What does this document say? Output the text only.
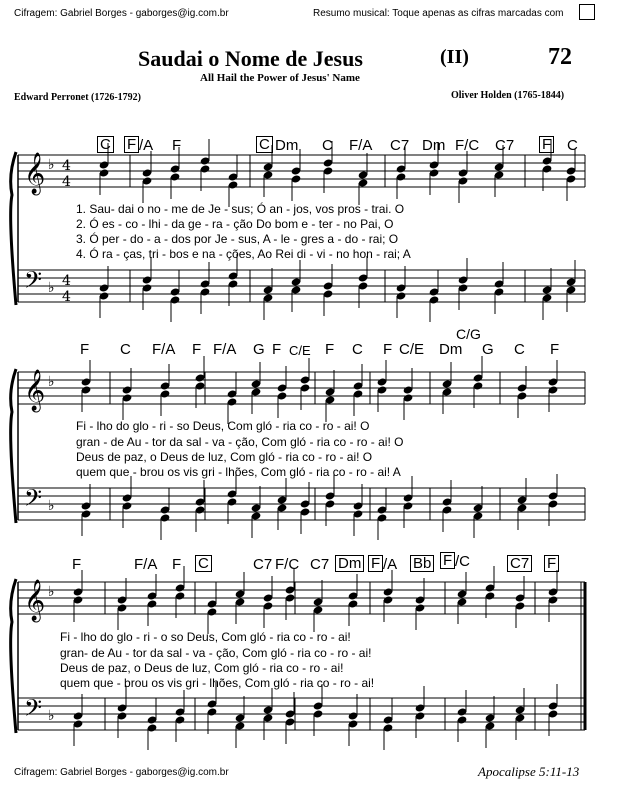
Cifragem: Gabriel Borges - gaborges@ig.com.br	Resumo musical: Toque apenas as cifras marcadas com
Saudai o Nome de Jesus	(II)	72
All Hail the Power of Jesus' Name
Edward Perronet (1726-1792)	Oliver Holden (1765-1844)
𝄞
𝄢
♭
♭
4
4
4
4
𝄞
𝄢
♭
♭
𝄞
𝄢
♭
♭
C F /A F	C Dm C F/A C7 Dm F/C C7 F C
1. Sau- dai o no - me de Je - sus; Ó an - jos, vos pros - trai. O
2. Ó es - co - lhi - da ge - ra - ção Do bom e - ter - no Pai, O
3. Ó per - do - a - dos por Je - sus, A - le - gres a - do - rai; O
4. Ó ra - ças, tri - bos e na - ções, Ao Rei di - vi - no hon - rai; A
C/G
F C F/A F F/A G F C/E F C F C/E Dm G C F
Fi - lho do glo - ri - so Deus, Com gló - ria co - ro - ai! O
gran - de Au - tor da sal - va - ção, Com gló - ria co - ro - ai! O
Deus de paz, o Deus de luz, Com gló - ria co - ro - ai! O
quem que - brou os vis gri - lhões, Com gló - ria co - ro - ai! A
F	F/A F C	C7 F/C C7 Dm F /A Bb F /C	C7 F
Fi - lho do glo - ri - o so Deus, Com gló - ria co - ro - ai!
gran- de Au - tor da sal - va - ção, Com gló - ria co - ro - ai!
Deus de paz, o Deus de luz, Com gló - ria co - ro - ai!
quem que - brou os vis gri - lhões, Com gló - ria co - ro - ai!
Cifragem: Gabriel Borges - gaborges@ig.com.br	Apocalipse 5:11-13
